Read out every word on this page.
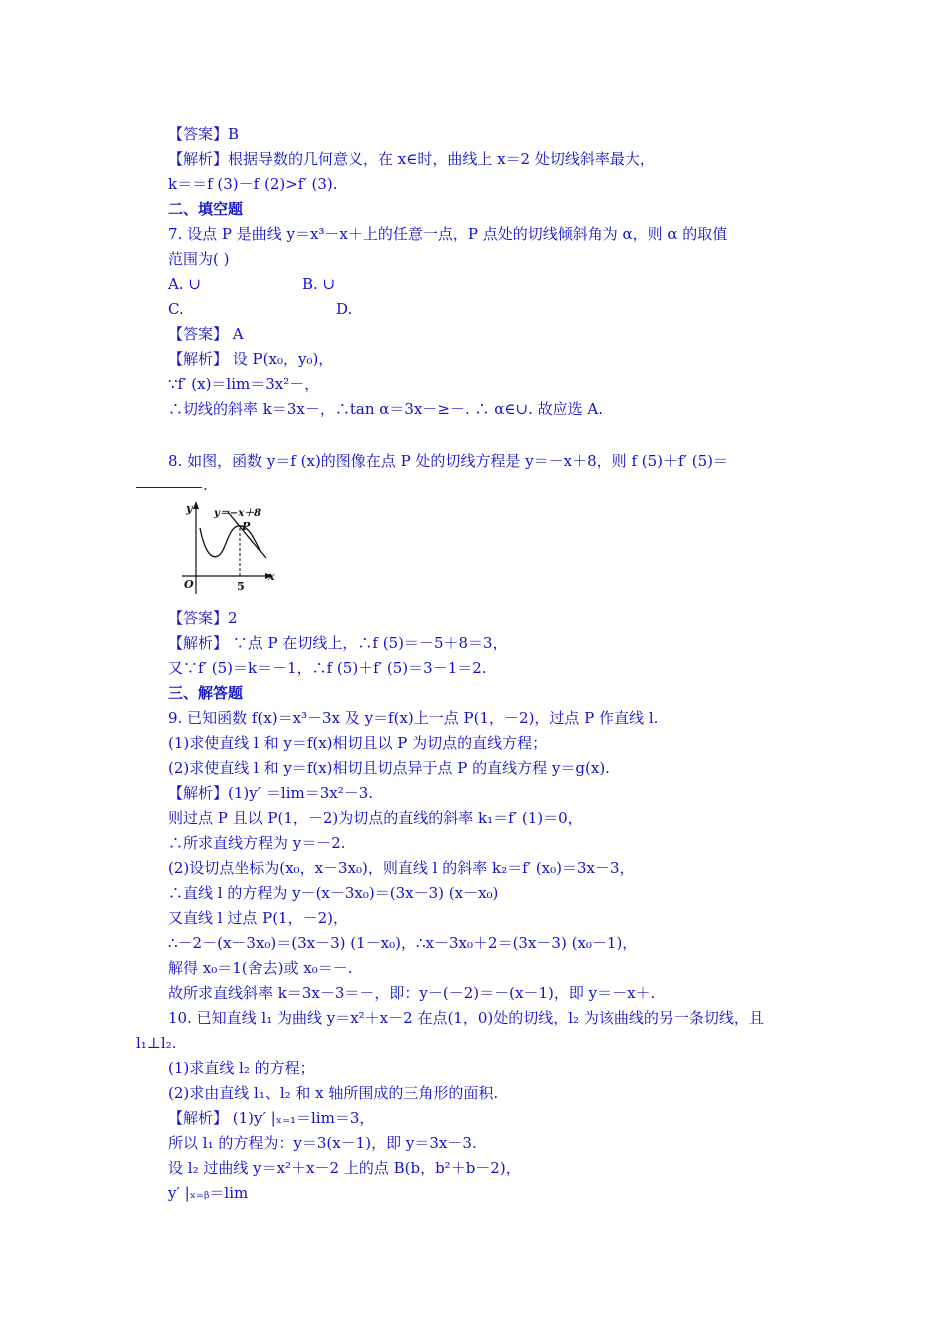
【答案】B
【解析】根据导数的几何意义，在 x∈时，曲线上 x＝2 处切线斜率最大，
k＝＝f (3)－f (2)>f′ (3).
二、填空题
7. 设点 P 是曲线 y＝x³－x＋上的任意一点，P 点处的切线倾斜角为 α，则 α 的取值
范围为( )
A. ∪	B. ∪
C.	D.
【答案】 A
【解析】 设 P(x₀，y₀)，
∵f′ (x)＝lim＝3x²－，
∴切线的斜率 k＝3x－，∴tan α＝3x－≥－. ∴ α∈∪. 故应选 A.
8. 如图，函数 y＝f (x)的图像在点 P 处的切线方程是 y＝－x＋8，则 f (5)＋f′ (5)＝
【答案】2
【解析】 ∵点 P 在切线上，∴f (5)＝－5＋8＝3，
又∵f′ (5)＝k＝－1，∴f (5)＋f′ (5)＝3－1＝2.
三、解答题
9. 已知函数 f(x)＝x³－3x 及 y＝f(x)上一点 P(1，－2)，过点 P 作直线 l.
(1)求使直线 l 和 y＝f(x)相切且以 P 为切点的直线方程；
(2)求使直线 l 和 y＝f(x)相切且切点异于点 P 的直线方程 y＝g(x).
【解析】(1)y′ ＝lim＝3x²－3.
则过点 P 且以 P(1，－2)为切点的直线的斜率 k₁＝f′ (1)＝0，
∴所求直线方程为 y＝－2.
(2)设切点坐标为(x₀，x－3x₀)，则直线 l 的斜率 k₂＝f′ (x₀)＝3x－3，
∴直线 l 的方程为 y－(x－3x₀)＝(3x－3) (x－x₀)
又直线 l 过点 P(1，－2)，
∴－2－(x－3x₀)＝(3x－3) (1－x₀)，∴x－3x₀＋2＝(3x－3) (x₀－1)，
解得 x₀＝1(舍去)或 x₀＝－.
故所求直线斜率 k＝3x－3＝－，即：y－(－2)＝－(x－1)，即 y＝－x＋.
10. 已知直线 l₁ 为曲线 y＝x²＋x－2 在点(1，0)处的切线，l₂ 为该曲线的另一条切线，且
l₁⊥l₂.
(1)求直线 l₂ 的方程；
(2)求由直线 l₁、l₂ 和 x 轴所围成的三角形的面积.
【解析】 (1)y′ |ₓ₌₁＝lim＝3，
所以 l₁ 的方程为：y＝3(x－1)，即 y＝3x－3.
设 l₂ 过曲线 y＝x²＋x－2 上的点 B(b，b²＋b－2)，
y′ |ₓ₌ᵦ＝lim
.
y
x
O	5
y＝−x＋8
P
